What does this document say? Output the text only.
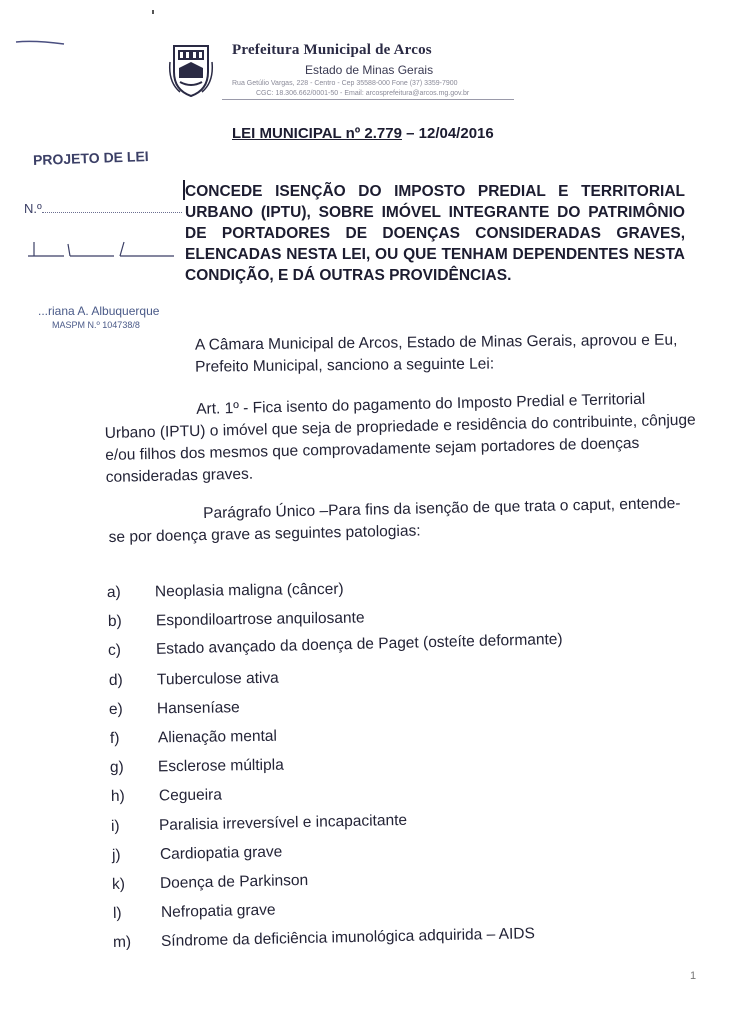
Prefeitura Municipal de Arcos
Estado de Minas Gerais
Rua Getúlio Vargas, 228 - Centro - Cep 35588-000 Fone (37) 3359-7900
CGC: 18.306.662/0001-50 - Email: arcosprefeitura@arcos.mg.gov.br
LEI MUNICIPAL nº 2.779 – 12/04/2016
PROJETO DE LEI
N.º
...riana A. Albuquerque
MASPM N.º 104738/8
CONCEDE ISENÇÃO DO IMPOSTO PREDIAL E TERRITORIAL URBANO (IPTU), SOBRE IMÓVEL INTEGRANTE DO PATRIMÔNIO DE PORTADORES DE DOENÇAS CONSIDERADAS GRAVES, ELENCADAS NESTA LEI, OU QUE TENHAM DEPENDENTES NESTA CONDIÇÃO, E DÁ OUTRAS PROVIDÊNCIAS.
A Câmara Municipal de Arcos, Estado de Minas Gerais, aprovou e Eu, Prefeito Municipal, sanciono a seguinte Lei:
Art. 1º - Fica isento do pagamento do Imposto Predial e Territorial Urbano (IPTU) o imóvel que seja de propriedade e residência do contribuinte, cônjuge e/ou filhos dos mesmos que comprovadamente sejam portadores de doenças consideradas graves.
Parágrafo Único –Para fins da isenção de que trata o caput, entende-se por doença grave as seguintes patologias:
a) Neoplasia maligna (câncer)
b) Espondiloartrose anquilosante
c) Estado avançado da doença de Paget (osteíte deformante)
d) Tuberculose ativa
e) Hanseníase
f) Alienação mental
g) Esclerose múltipla
h) Cegueira
i)	Paralisia irreversível e incapacitante
j)	Cardiopatia grave
k) Doença de Parkinson
l)	Nefropatia grave
m) Síndrome da deficiência imunológica adquirida – AIDS
1
